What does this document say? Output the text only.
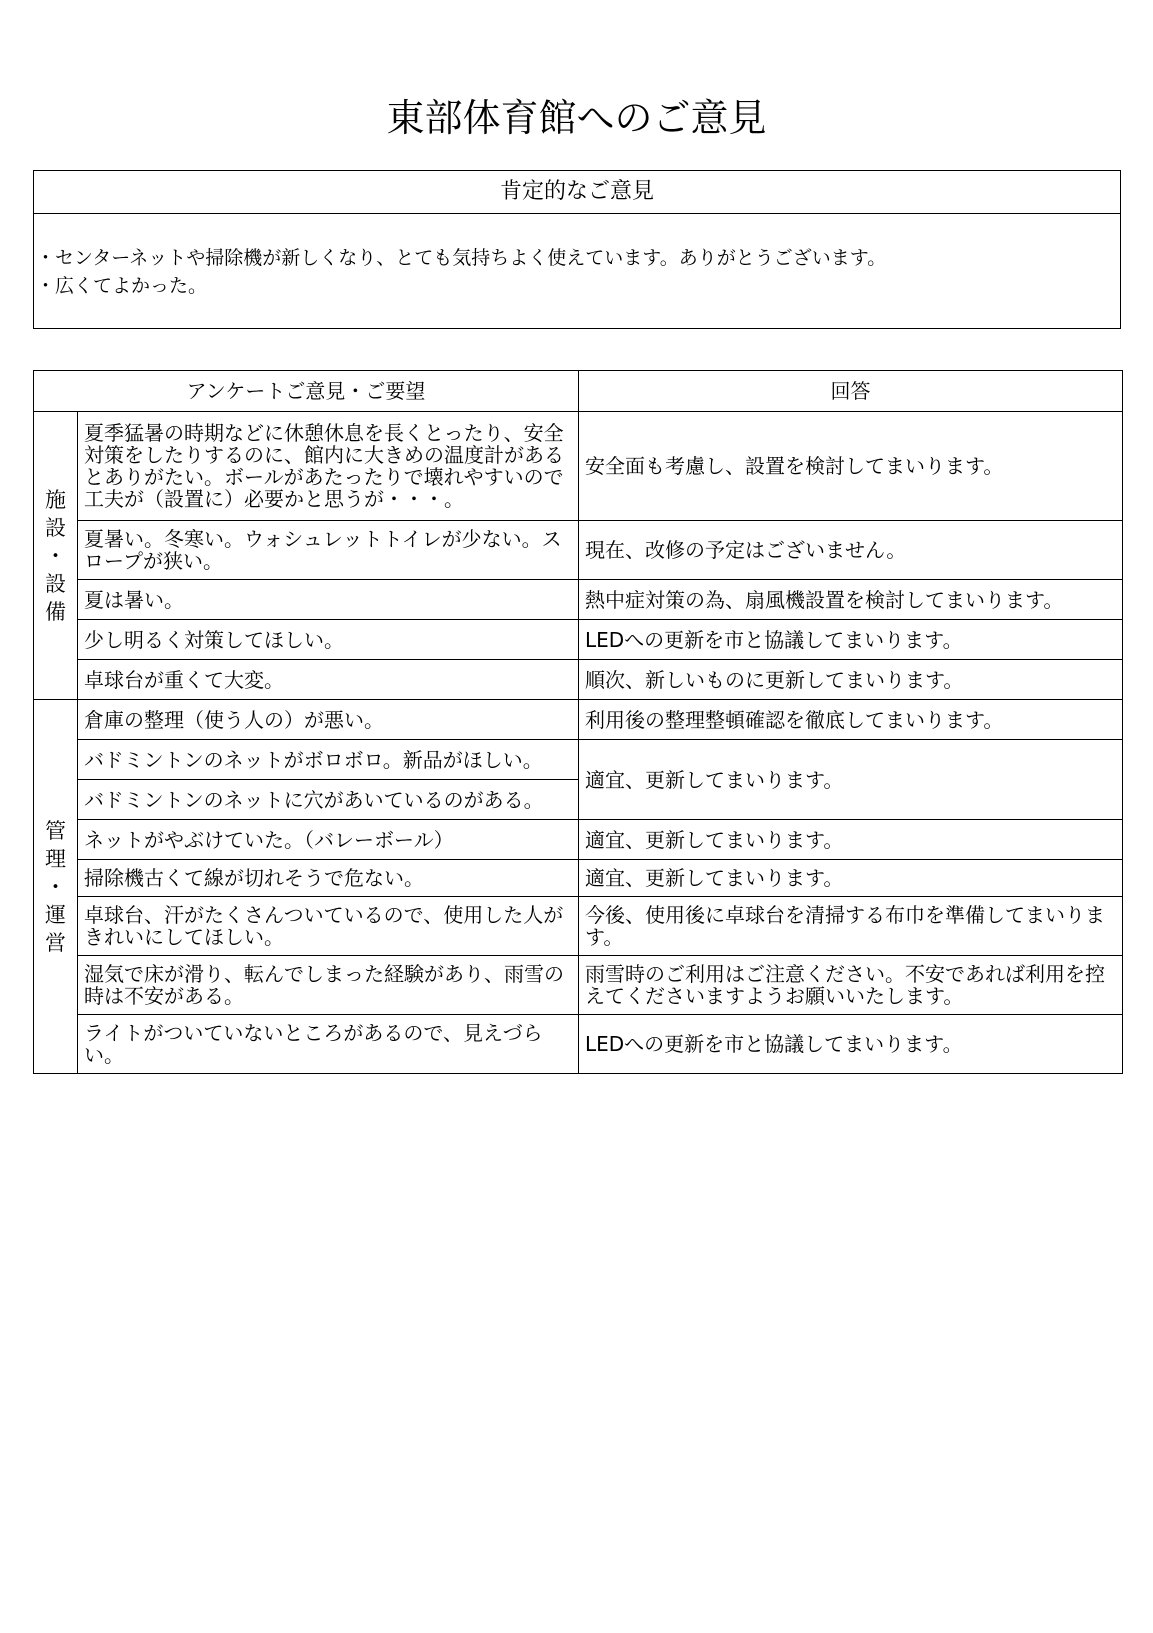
東部体育館へのご意見
肯定的なご意見
・センターネットや掃除機が新しくなり、とても気持ちよく使えています。ありがとうございます。
・広くてよかった。
アンケートご意見・ご要望		回答

施
設
・
設
備	夏季猛暑の時期などに休憩休息を長くとったり、安全対策をしたりするのに、館内に大きめの温度計があるとありがたい。ボールがあたったりで壊れやすいので工夫が（設置に）必要かと思うが・・・。	安全面も考慮し、設置を検討してまいります。
	夏暑い。冬寒い。ウォシュレットトイレが少ない。スロープが狭い。	現在、改修の予定はございません。
	夏は暑い。	熱中症対策の為、扇風機設置を検討してまいります。
	少し明るく対策してほしい。	LEDへの更新を市と協議してまいります。
	卓球台が重くて大変。	順次、新しいものに更新してまいります。

管
理
・
運
営	倉庫の整理（使う人の）が悪い。	利用後の整理整頓確認を徹底してまいります。
	バドミントンのネットがボロボロ。新品がほしい。	適宜、更新してまいります。
	バドミントンのネットに穴があいているのがある。	
	ネットがやぶけていた。（バレーボール）	適宜、更新してまいります。
	掃除機古くて線が切れそうで危ない。	適宜、更新してまいります。
	卓球台、汗がたくさんついているので、使用した人がきれいにしてほしい。	今後、使用後に卓球台を清掃する布巾を準備してまいります。
	湿気で床が滑り、転んでしまった経験があり、雨雪の時は不安がある。	雨雪時のご利用はご注意ください。不安であれば利用を控えてくださいますようお願いいたします。
	ライトがついていないところがあるので、見えづらい。	LEDへの更新を市と協議してまいります。
